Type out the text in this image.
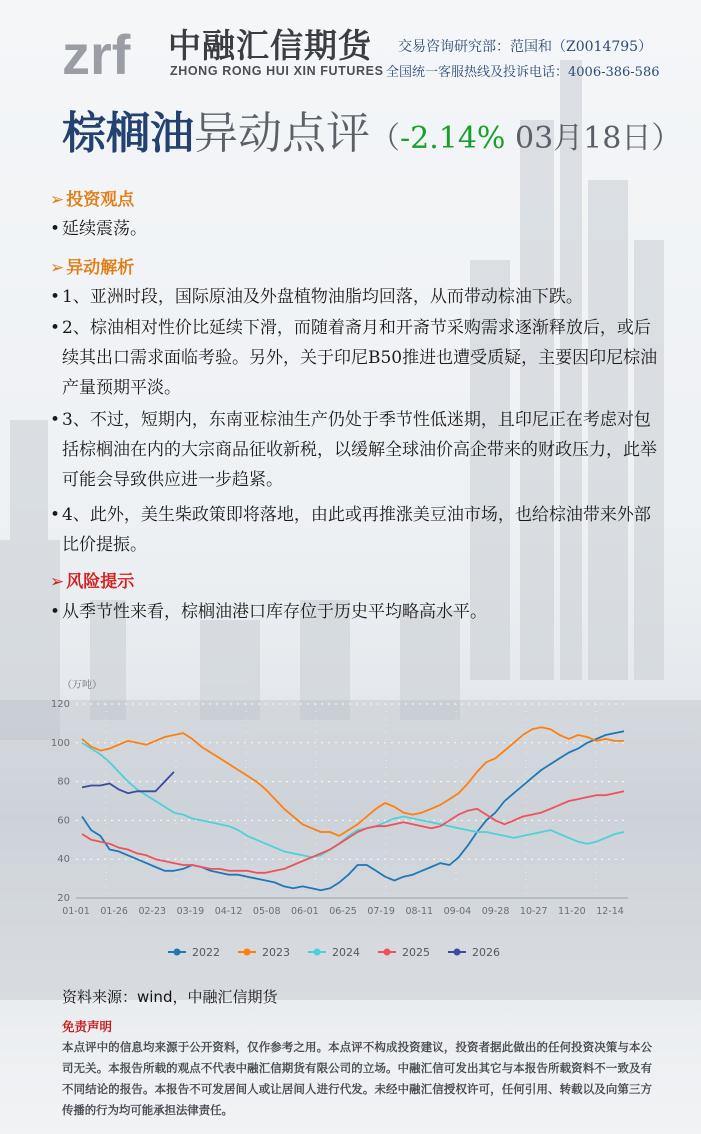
zrf 中融汇信期货
ZHONG RONG HUI XIN FUTURES
交易咨询研究部：范国和（Z0014795）
全国统一客服热线及投诉电话：4006-386-586
棕榈油异动点评（-2.14% 03月18日）
➢ 投资观点
• 延续震荡。
➢ 异动解析
• 1、亚洲时段，国际原油及外盘植物油脂均回落，从而带动棕油下跌。
• 2、棕油相对性价比延续下滑，而随着斋月和开斋节采购需求逐渐释放后，或后续其出口需求面临考验。另外，关于印尼B50推进也遭受质疑，主要因印尼棕油产量预期平淡。
• 3、不过，短期内，东南亚棕油生产仍处于季节性低迷期，且印尼正在考虑对包括棕榈油在内的大宗商品征收新税，以缓解全球油价高企带来的财政压力，此举可能会导致供应进一步趋紧。
• 4、此外，美生柴政策即将落地，由此或再推涨美豆油市场，也给棕油带来外部比价提振。
➢ 风险提示
• 从季节性来看，棕榈油港口库存位于历史平均略高水平。
（万吨）
20
40
60
80
100
120
01-01 01-26 02-23 03-19 04-12 05-08 06-01 06-25 07-19 08-11 09-04 09-28 10-27 11-20 12-14
2022	2023	2024	2025	2026
资料来源：wind，中融汇信期货
免责声明
本点评中的信息均来源于公开资料，仅作参考之用。本点评不构成投资建议，投资者据此做出的任何投资决策与本公司无关。本报告所载的观点不代表中融汇信期货有限公司的立场。中融汇信可发出其它与本报告所载资料不一致及有不同结论的报告。本报告不可发居间人或让居间人进行代发。未经中融汇信授权许可，任何引用、转载以及向第三方传播的行为均可能承担法律责任。
